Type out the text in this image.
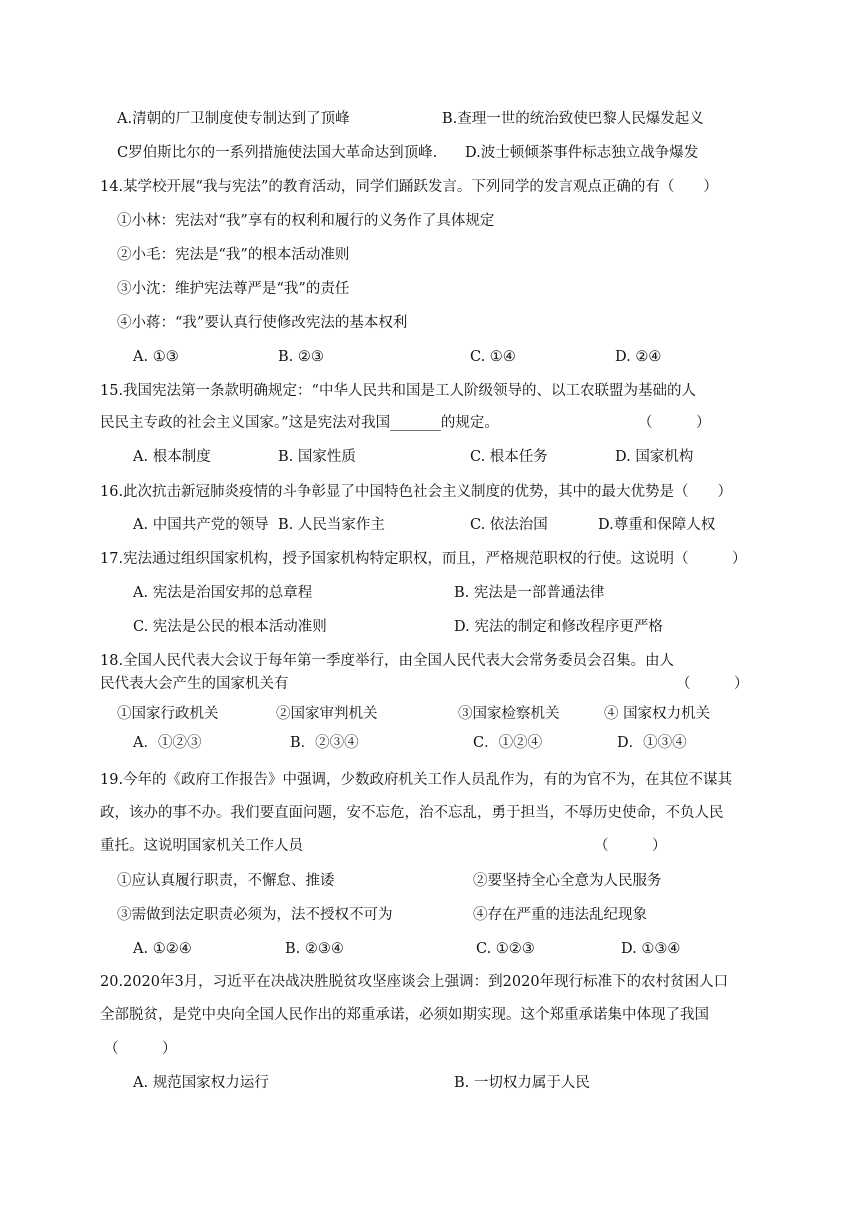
A.清朝的厂卫制度使专制达到了顶峰	B.查理一世的统治致使巴黎人民爆发起义
C罗伯斯比尔的一系列措施使法国大革命达到顶峰. D.波士顿倾茶事件标志独立战争爆发
14.某学校开展“我与宪法”的教育活动，同学们踊跃发言。下列同学的发言观点正确的有（　　）
①小林：宪法对“我”享有的权利和履行的义务作了具体规定
②小毛：宪法是“我”的根本活动准则
③小沈：维护宪法尊严是“我”的责任
④小蒋：“我”要认真行使修改宪法的基本权利
A. ①③	B. ②③	C. ①④	D. ②④
15.我国宪法第一条款明确规定：“中华人民共和国是工人阶级领导的、以工农联盟为基础的人
民民主专政的社会主义国家。”这是宪法对我国_______的规定。	（　　　）
A. 根本制度	B. 国家性质	C. 根本任务	D. 国家机构
16.此次抗击新冠肺炎疫情的斗争彰显了中国特色社会主义制度的优势，其中的最大优势是（　　）
A. 中国共产党的领导 B. 人民当家作主	C. 依法治国	D.尊重和保障人权
17.宪法通过组织国家机构，授予国家机构特定职权，而且，严格规范职权的行使。这说明（　　　）
A. 宪法是治国安邦的总章程	B. 宪法是一部普通法律
C. 宪法是公民的根本活动准则	D. 宪法的制定和修改程序更严格
18.全国人民代表大会议于每年第一季度举行，由全国人民代表大会常务委员会召集。由人
民代表大会产生的国家机关有	（　　　）
①国家行政机关	②国家审判机关	③国家检察机关	④ 国家权力机关
A．①②③	B．②③④	C．①②④	D．①③④
19.今年的《政府工作报告》中强调，少数政府机关工作人员乱作为，有的为官不为，在其位不谋其
政，该办的事不办。我们要直面问题，安不忘危，治不忘乱，勇于担当，不辱历史使命，不负人民
重托。这说明国家机关工作人员	（　　　）
①应认真履行职责，不懈怠、推诿	②要坚持全心全意为人民服务
③需做到法定职责必须为，法不授权不可为	④存在严重的违法乱纪现象
A. ①②④	B. ②③④	C. ①②③	D. ①③④
20.2020年3月，习近平在决战决胜脱贫攻坚座谈会上强调：到2020年现行标准下的农村贫困人口
全部脱贫，是党中央向全国人民作出的郑重承诺，必须如期实现。这个郑重承诺集中体现了我国
（　　　）
A. 规范国家权力运行	B. 一切权力属于人民
